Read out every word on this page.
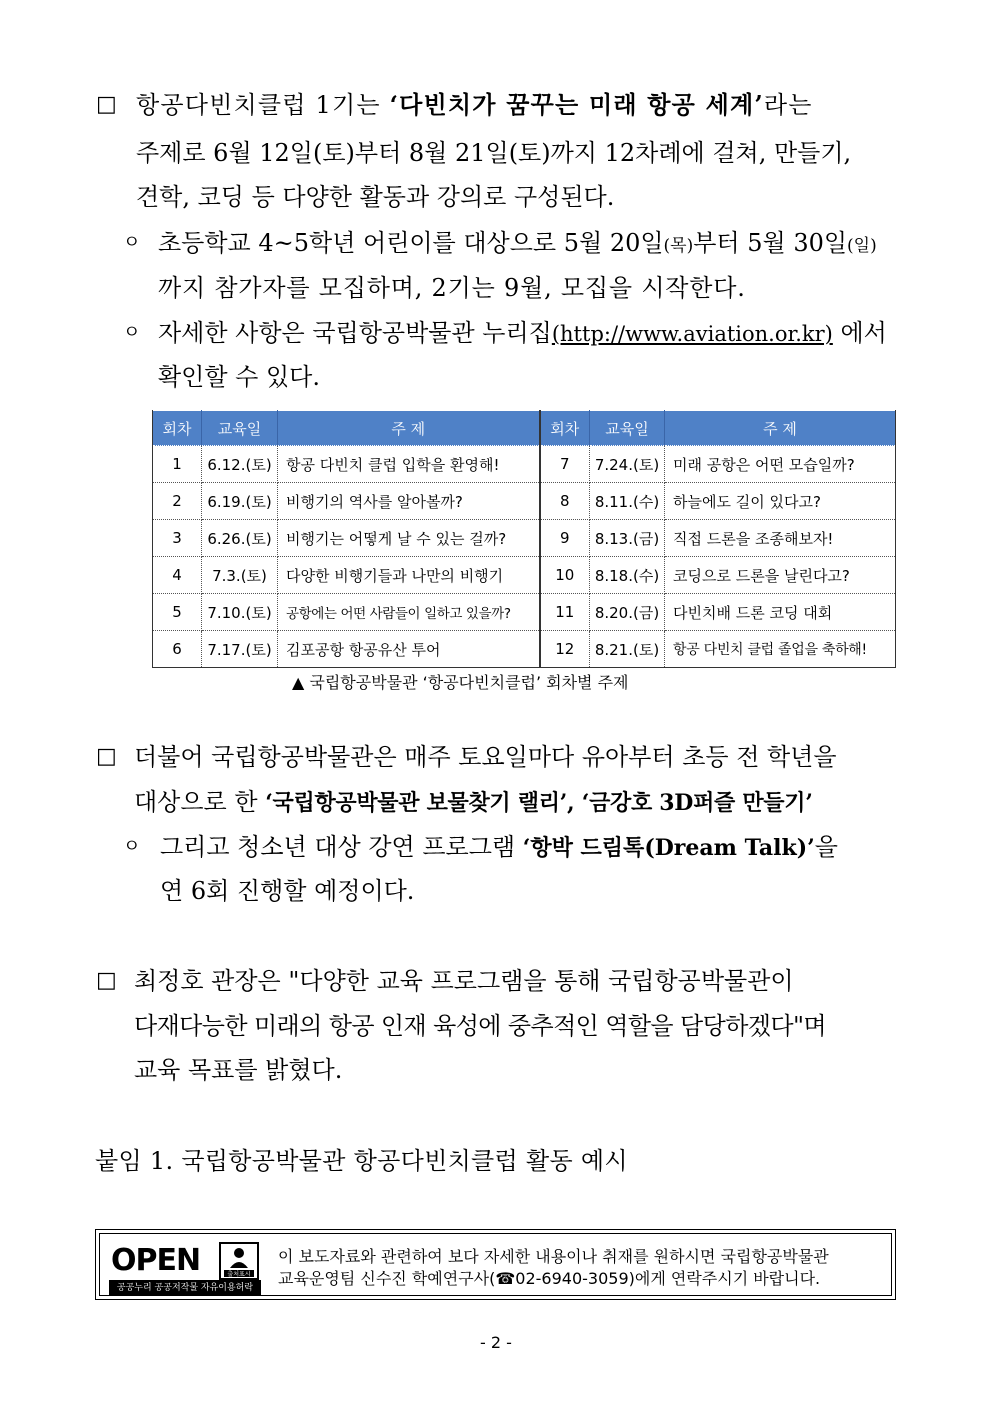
□ 항공다빈치클럽 1기는 ‘다빈치가 꿈꾸는 미래 항공 세계’라는
주제로 6월 12일(토)부터 8월 21일(토)까지 12차례에 걸쳐, 만들기,
견학, 코딩 등 다양한 활동과 강의로 구성된다.
ㅇ 초등학교 4~5학년 어린이를 대상으로 5월 20일(목)부터 5월 30일(일)
까지 참가자를 모집하며, 2기는 9월, 모집을 시작한다.
ㅇ 자세한 사항은 국립항공박물관 누리집(http://www.aviation.or.kr) 에서
확인할 수 있다.
회차	교육일	주 제	회차	교육일	주 제
1	6.12.(토)	항공 다빈치 클럽 입학을 환영해!	7	7.24.(토)	미래 공항은 어떤 모습일까?
2	6.19.(토)	비행기의 역사를 알아볼까?	8	8.11.(수)	하늘에도 길이 있다고?
3	6.26.(토)	비행기는 어떻게 날 수 있는 걸까?	9	8.13.(금)	직접 드론을 조종해보자!
4	7.3.(토)	다양한 비행기들과 나만의 비행기	10	8.18.(수)	코딩으로 드론을 날린다고?
5	7.10.(토)	공항에는 어떤 사람들이 일하고 있을까?	11	8.20.(금)	다빈치배 드론 코딩 대회
6	7.17.(토)	김포공항 항공유산 투어	12	8.21.(토)	항공 다빈치 클럽 졸업을 축하해!
▲ 국립항공박물관 ‘항공다빈치클럽’ 회차별 주제
□ 더불어 국립항공박물관은 매주 토요일마다 유아부터 초등 전 학년을
대상으로 한 ‘국립항공박물관 보물찾기 랠리’, ‘금강호 3D퍼즐 만들기’
ㅇ 그리고 청소년 대상 강연 프로그램 ‘항박 드림톡(Dream Talk)’을
연 6회 진행할 예정이다.
□ 최정호 관장은 "다양한 교육 프로그램을 통해 국립항공박물관이
다재다능한 미래의 항공 인재 육성에 중추적인 역할을 담당하겠다"며
교육 목표를 밝혔다.
붙임 1. 국립항공박물관 항공다빈치클럽 활동 예시
OPEN	출처표시
공공누리 공공저작물 자유이용허락
이 보도자료와 관련하여 보다 자세한 내용이나 취재를 원하시면 국립항공박물관
교육운영팀 신수진 학예연구사(☎02-6940-3059)에게 연락주시기 바랍니다.
- 2 -
